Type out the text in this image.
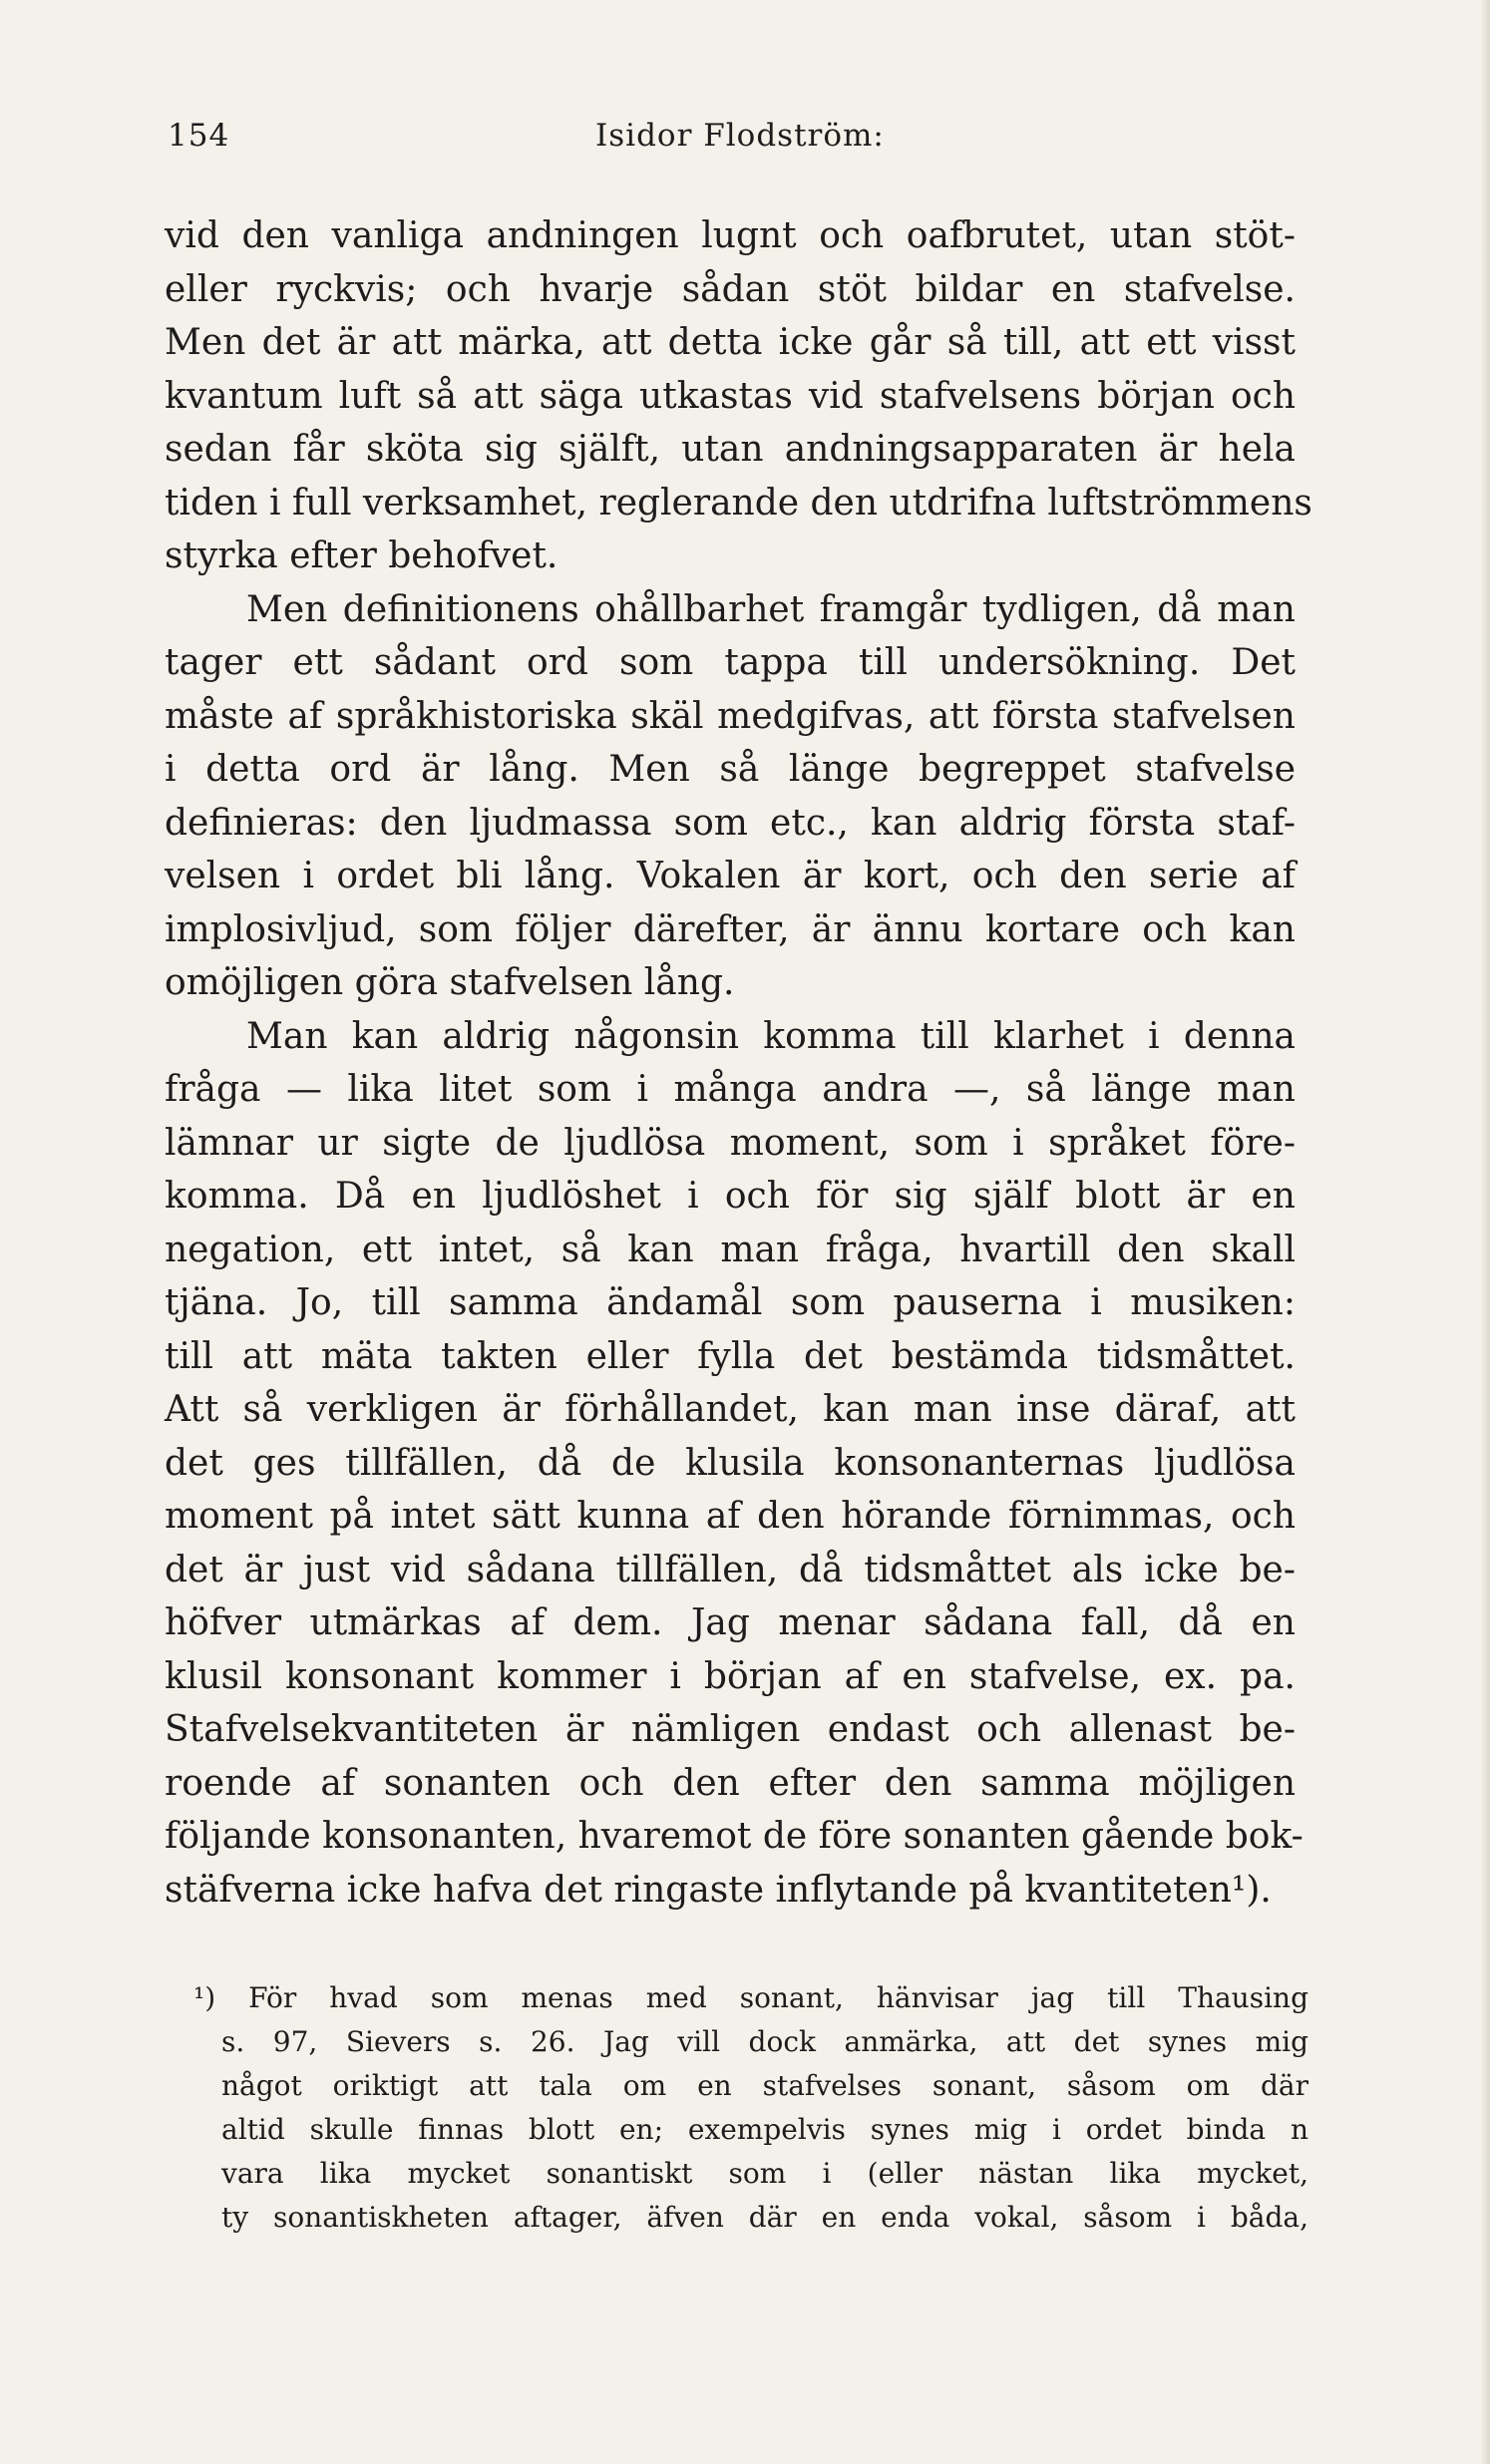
154	Isidor Flodström:
vid den vanliga andningen lugnt och oafbrutet, utan stöt-
eller ryckvis; och hvarje sådan stöt bildar en stafvelse.
Men det är att märka, att detta icke går så till, att ett visst
kvantum luft så att säga utkastas vid stafvelsens början och
sedan får sköta sig själft, utan andningsapparaten är hela
tiden i full verksamhet, reglerande den utdrifna luftströmmens
styrka efter behofvet.
Men definitionens ohållbarhet framgår tydligen, då man
tager ett sådant ord som tappa till undersökning. Det
måste af språkhistoriska skäl medgifvas, att första stafvelsen
i detta ord är lång. Men så länge begreppet stafvelse
definieras: den ljudmassa som etc., kan aldrig första staf-
velsen i ordet bli lång. Vokalen är kort, och den serie af
implosivljud, som följer därefter, är ännu kortare och kan
omöjligen göra stafvelsen lång.
Man kan aldrig någonsin komma till klarhet i denna
fråga — lika litet som i många andra —, så länge man
lämnar ur sigte de ljudlösa moment, som i språket före-
komma. Då en ljudlöshet i och för sig själf blott är en
negation, ett intet, så kan man fråga, hvartill den skall
tjäna. Jo, till samma ändamål som pauserna i musiken:
till att mäta takten eller fylla det bestämda tidsmåttet.
Att så verkligen är förhållandet, kan man inse däraf, att
det ges tillfällen, då de klusila konsonanternas ljudlösa
moment på intet sätt kunna af den hörande förnimmas, och
det är just vid sådana tillfällen, då tidsmåttet als icke be-
höfver utmärkas af dem. Jag menar sådana fall, då en
klusil konsonant kommer i början af en stafvelse, ex. pa.
Stafvelsekvantiteten är nämligen endast och allenast be-
roende af sonanten och den efter den samma möjligen
följande konsonanten, hvaremot de före sonanten gående bok-
stäfverna icke hafva det ringaste inflytande på kvantiteten¹).
¹) För hvad som menas med sonant, hänvisar jag till Thausing
s. 97, Sievers s. 26. Jag vill dock anmärka, att det synes mig
något oriktigt att tala om en stafvelses sonant, såsom om där
altid skulle finnas blott en; exempelvis synes mig i ordet binda n
vara lika mycket sonantiskt som i (eller nästan lika mycket,
ty sonantiskheten aftager, äfven där en enda vokal, såsom i båda,
